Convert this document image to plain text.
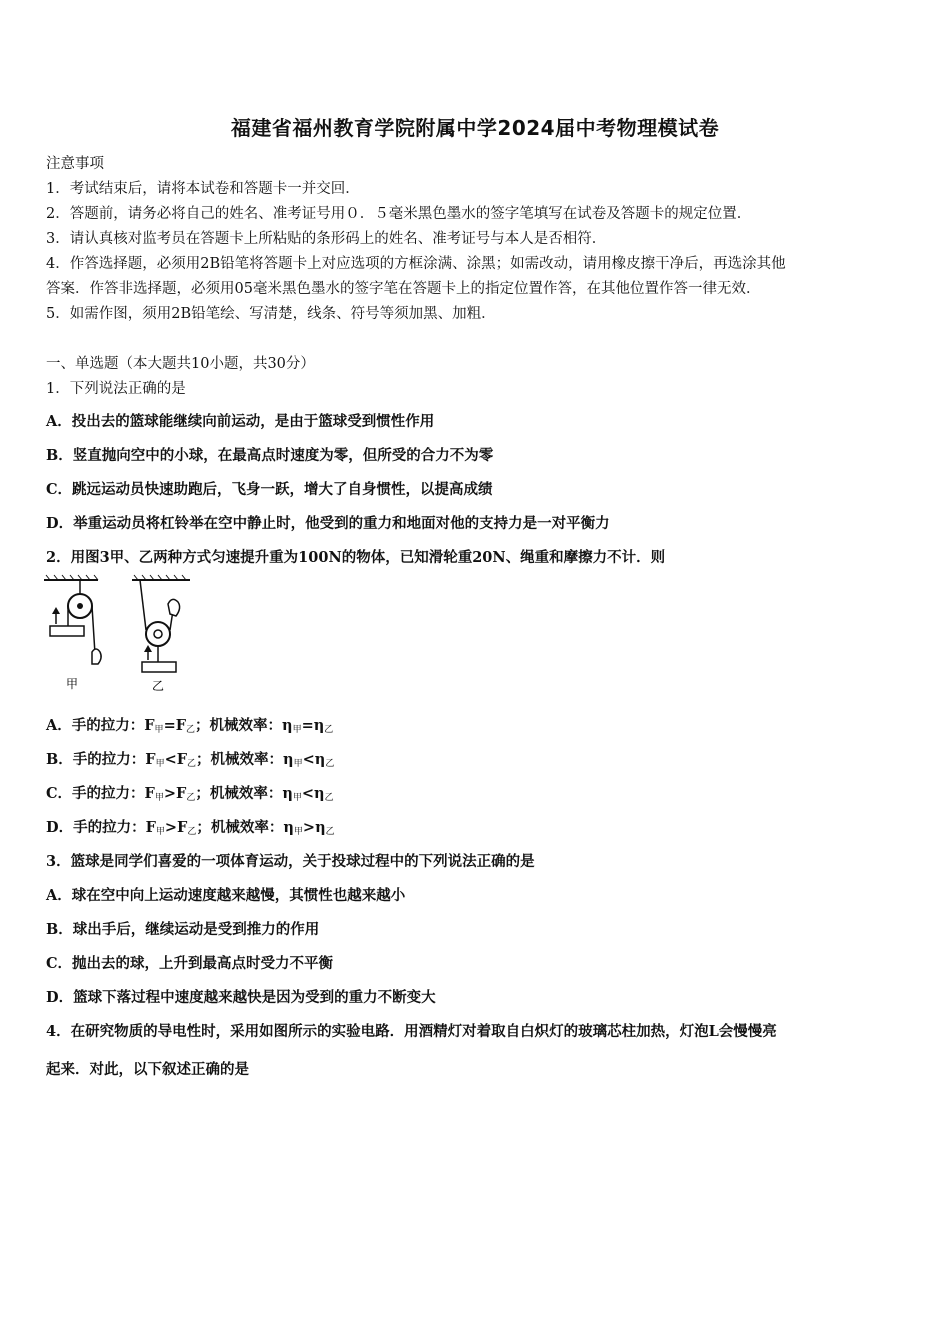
福建省福州教育学院附属中学2024届中考物理模试卷
注意事项
1．考试结束后，请将本试卷和答题卡一并交回．
2．答题前，请务必将自己的姓名、准考证号用０．５毫米黑色墨水的签字笔填写在试卷及答题卡的规定位置．
3．请认真核对监考员在答题卡上所粘贴的条形码上的姓名、准考证号与本人是否相符．
4．作答选择题，必须用2B铅笔将答题卡上对应选项的方框涂满、涂黑；如需改动，请用橡皮擦干净后，再选涂其他
答案．作答非选择题，必须用05毫米黑色墨水的签字笔在答题卡上的指定位置作答，在其他位置作答一律无效．
5．如需作图，须用2B铅笔绘、写清楚，线条、符号等须加黑、加粗．
一、单选题（本大题共10小题，共30分）
1．下列说法正确的是
A．投出去的篮球能继续向前运动，是由于篮球受到惯性作用
B．竖直抛向空中的小球，在最高点时速度为零，但所受的合力不为零
C．跳远运动员快速助跑后，飞身一跃，增大了自身惯性，以提高成绩
D．举重运动员将杠铃举在空中静止时，他受到的重力和地面对他的支持力是一对平衡力
2．用图3甲、乙两种方式匀速提升重为100N的物体，已知滑轮重20N、绳重和摩擦力不计．则
甲	乙
A．手的拉力：$F_甲=F_乙$；机械效率：$\eta_甲=\eta_乙$
B．手的拉力：$F_甲<F_乙$；机械效率：$\eta_甲<\eta_乙$
C．手的拉力：$F_甲>F_乙$；机械效率：$\eta_甲<\eta_乙$
D．手的拉力：$F_甲>F_乙$；机械效率：$\eta_甲>\eta_乙$
3．篮球是同学们喜爱的一项体育运动，关于投球过程中的下列说法正确的是
A．球在空中向上运动速度越来越慢，其惯性也越来越小
B．球出手后，继续运动是受到推力的作用
C．抛出去的球，上升到最高点时受力不平衡
D．篮球下落过程中速度越来越快是因为受到的重力不断变大
4．在研究物质的导电性时，采用如图所示的实验电路．用酒精灯对着取自白炽灯的玻璃芯柱加热，灯泡L会慢慢亮
起来．对此，以下叙述正确的是
